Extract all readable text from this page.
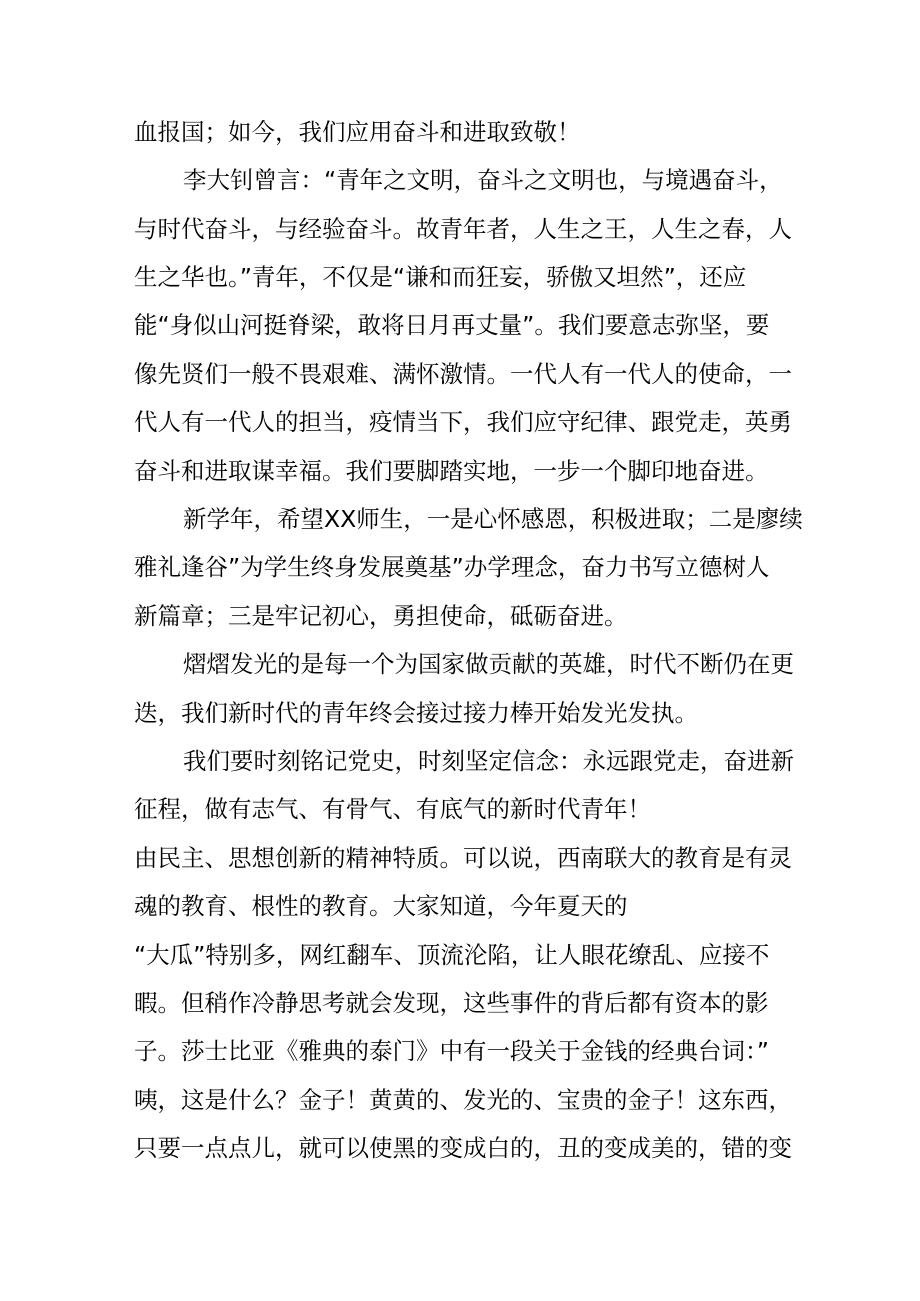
血报国；如今，我们应用奋斗和进取致敬！
李大钊曾言：“青年之文明，奋斗之文明也，与境遇奋斗，
与时代奋斗，与经验奋斗。故青年者，人生之王，人生之春，人
生之华也。”青年，不仅是“谦和而狂妄，骄傲又坦然”，还应
能“身似山河挺脊梁，敢将日月再丈量”。我们要意志弥坚，要
像先贤们一般不畏艰难、满怀激情。一代人有一代人的使命，一
代人有一代人的担当，疫情当下，我们应守纪律、跟党走，英勇
奋斗和进取谋幸福。我们要脚踏实地，一步一个脚印地奋进。
新学年，希望XX师生，一是心怀感恩，积极进取；二是廖续
雅礼逢谷”为学生终身发展奠基”办学理念，奋力书写立德树人
新篇章；三是牢记初心，勇担使命，砥砺奋进。
熠熠发光的是每一个为国家做贡献的英雄，时代不断仍在更
迭，我们新时代的青年终会接过接力棒开始发光发执。
我们要时刻铭记党史，时刻坚定信念：永远跟党走，奋进新
征程，做有志气、有骨气、有底气的新时代青年！
由民主、思想创新的精神特质。可以说，西南联大的教育是有灵
魂的教育、根性的教育。大家知道，今年夏天的
“大瓜”特别多，网红翻车、顶流沦陷，让人眼花缭乱、应接不
暇。但稍作冷静思考就会发现，这些事件的背后都有资本的影
子。莎士比亚《雅典的泰门》中有一段关于金钱的经典台词：”
咦，这是什么？金子！黄黄的、发光的、宝贵的金子！这东西，
只要一点点儿，就可以使黑的变成白的，丑的变成美的，错的变
